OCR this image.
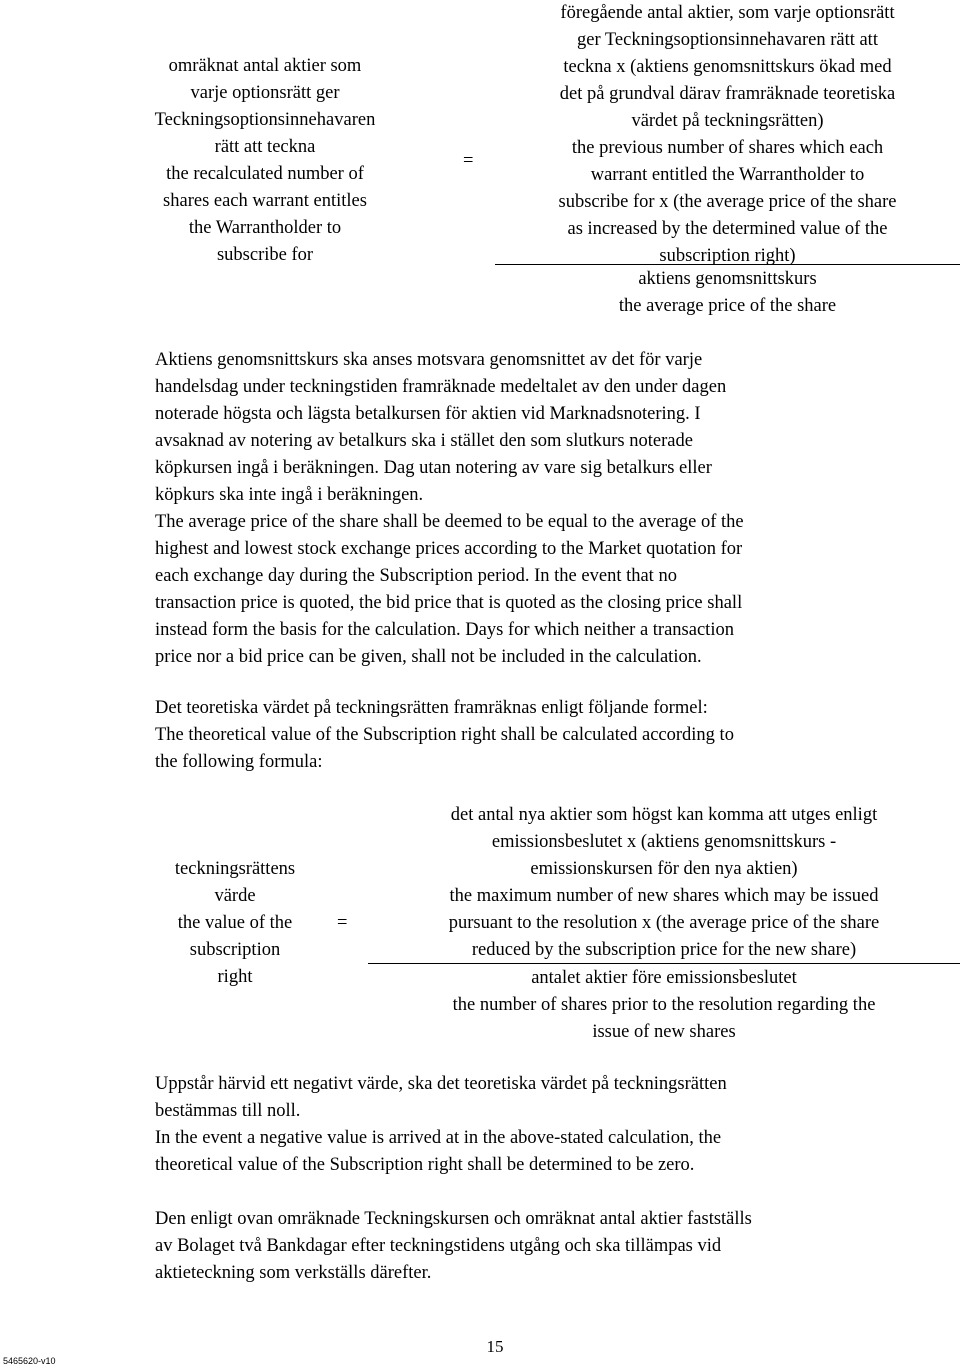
omräknat antal aktier som
varje optionsrätt ger
Teckningsoptionsinnehavaren
rätt att teckna
the recalculated number of
shares each warrant entitles
the Warrantholder to
subscribe for
=
föregående antal aktier, som varje optionsrätt
ger Teckningsoptionsinnehavaren rätt att
teckna x (aktiens genomsnittskurs ökad med
det på grundval därav framräknade teoretiska
värdet på teckningsrätten)
the previous number of shares which each
warrant entitled the Warrantholder to
subscribe for x (the average price of the share
as increased by the determined value of the
subscription right)
aktiens genomsnittskurs
the average price of the share
Aktiens genomsnittskurs ska anses motsvara genomsnittet av det för varje
handelsdag under teckningstiden framräknade medeltalet av den under dagen
noterade högsta och lägsta betalkursen för aktien vid Marknadsnotering. I
avsaknad av notering av betalkurs ska i stället den som slutkurs noterade
köpkursen ingå i beräkningen. Dag utan notering av vare sig betalkurs eller
köpkurs ska inte ingå i beräkningen.
The average price of the share shall be deemed to be equal to the average of the
highest and lowest stock exchange prices according to the Market quotation for
each exchange day during the Subscription period. In the event that no
transaction price is quoted, the bid price that is quoted as the closing price shall
instead form the basis for the calculation. Days for which neither a transaction
price nor a bid price can be given, shall not be included in the calculation.
Det teoretiska värdet på teckningsrätten framräknas enligt följande formel:
The theoretical value of the Subscription right shall be calculated according to
the following formula:
teckningsrättens
värde
the value of the
subscription
right
=
det antal nya aktier som högst kan komma att utges enligt
emissionsbeslutet x (aktiens genomsnittskurs -
emissionskursen för den nya aktien)
the maximum number of new shares which may be issued
pursuant to the resolution x (the average price of the share
reduced by the subscription price for the new share)
antalet aktier före emissionsbeslutet
the number of shares prior to the resolution regarding the
issue of new shares
Uppstår härvid ett negativt värde, ska det teoretiska värdet på teckningsrätten
bestämmas till noll.
In the event a negative value is arrived at in the above-stated calculation, the
theoretical value of the Subscription right shall be determined to be zero.
Den enligt ovan omräknade Teckningskursen och omräknat antal aktier fastställs
av Bolaget två Bankdagar efter teckningstidens utgång och ska tillämpas vid
aktieteckning som verkställs därefter.
15
5465620-v10
